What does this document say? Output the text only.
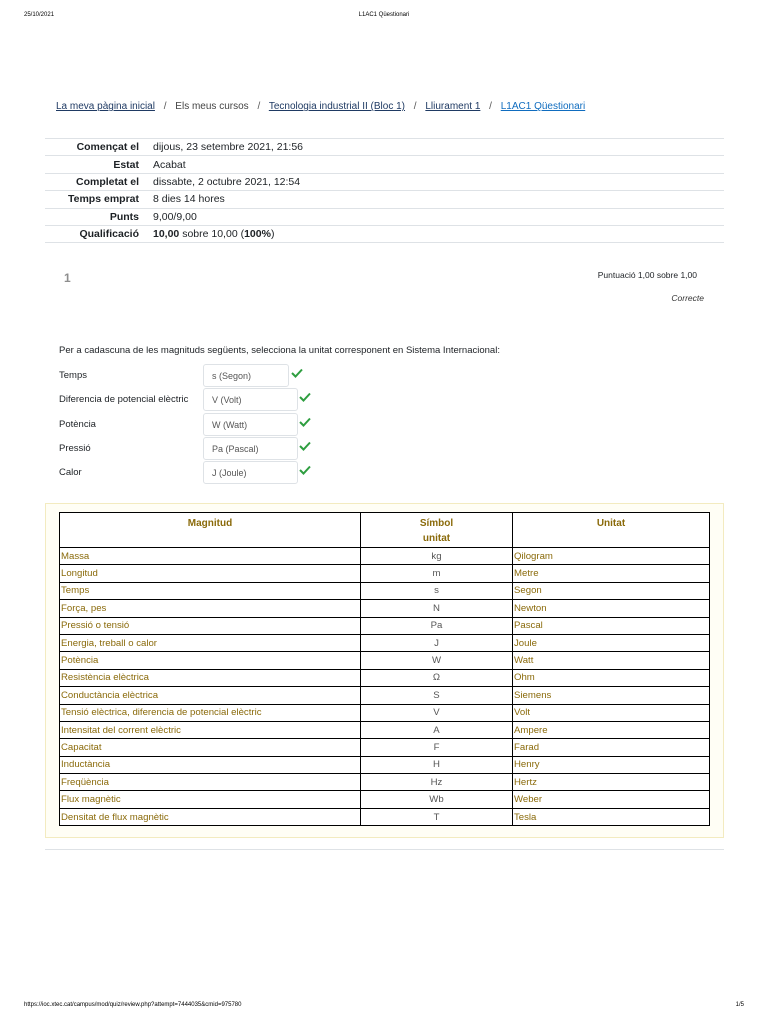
25/10/2021	L1AC1 Qüestionari
La meva pàgina inicial / Els meus cursos / Tecnologia industrial II (Bloc 1) / Lliurament 1 / L1AC1 Qüestionari
Començat el	dijous, 23 setembre 2021, 21:56
Estat	Acabat
Completat el	dissabte, 2 octubre 2021, 12:54
Temps emprat	8 dies 14 hores
Punts	9,00/9,00
Qualificació	10,00 sobre 10,00 (100%)
1	Puntuació 1,00 sobre 1,00
Correcte
Per a cadascuna de les magnituds següents, selecciona la unitat corresponent en Sistema Internacional:
Temps	s (Segon)
Diferencia de potencial elèctric	V (Volt)
Potència	W (Watt)
Pressió	Pa (Pascal)
Calor	J (Joule)
Magnitud	Símbol unitat	Unitat
Massa	kg	Qilogram
Longitud	m	Metre
Temps	s	Segon
Força, pes	N	Newton
Pressió o tensió	Pa	Pascal
Energia, treball o calor	J	Joule
Potència	W	Watt
Resistència elèctrica	Ω	Ohm
Conductància elèctrica	S	Siemens
Tensió elèctrica, diferencia de potencial elèctric	V	Volt
Intensitat del corrent elèctric	A	Ampere
Capacitat	F	Farad
Inductància	H	Henry
Freqüència	Hz	Hertz
Flux magnètic	Wb	Weber
Densitat de flux magnètic	T	Tesla
https://ioc.xtec.cat/campus/mod/quiz/review.php?attempt=7444035&cmid=975780	1/5
